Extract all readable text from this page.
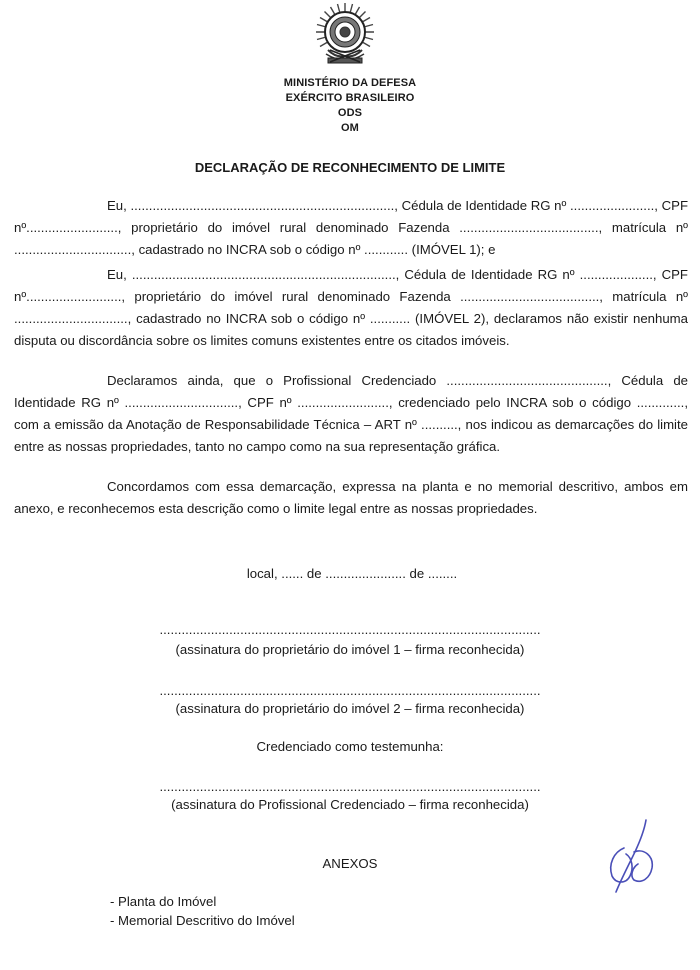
MINISTÉRIO DA DEFESA
EXÉRCITO BRASILEIRO
ODS
OM
DECLARAÇÃO DE RECONHECIMENTO DE LIMITE

Eu, ........................................................................, Cédula de Identidade RG nº ......................., CPF nº........................., proprietário do imóvel rural denominado Fazenda ......................................, matrícula nº ................................, cadastrado no INCRA sob o código nº ............ (IMÓVEL 1); e

Eu, ........................................................................, Cédula de Identidade RG nº ...................., CPF nº.........................., proprietário do imóvel rural denominado Fazenda ......................................, matrícula nº ..............................., cadastrado no INCRA sob o código nº ........... (IMÓVEL 2), declaramos não existir nenhuma disputa ou discordância sobre os limites comuns existentes entre os citados imóveis.

Declaramos ainda, que o Profissional Credenciado ............................................, Cédula de Identidade RG nº ..............................., CPF nº ........................., credenciado pelo INCRA sob o código ............., com a emissão da Anotação de Responsabilidade Técnica – ART nº .........., nos indicou as demarcações do limite entre as nossas propriedades, tanto no campo como na sua representação gráfica.

Concordamos com essa demarcação, expressa na planta e no memorial descritivo, ambos em anexo, e reconhecemos esta descrição como o limite legal entre as nossas propriedades.

local, ...... de ...................... de ........
........................................................................................................
(assinatura do proprietário do imóvel 1 – firma reconhecida)
........................................................................................................
(assinatura do proprietário do imóvel 2 – firma reconhecida)
Credenciado como testemunha:
........................................................................................................
(assinatura do Profissional Credenciado – firma reconhecida)
ANEXOS
- Planta do Imóvel
- Memorial Descritivo do Imóvel
